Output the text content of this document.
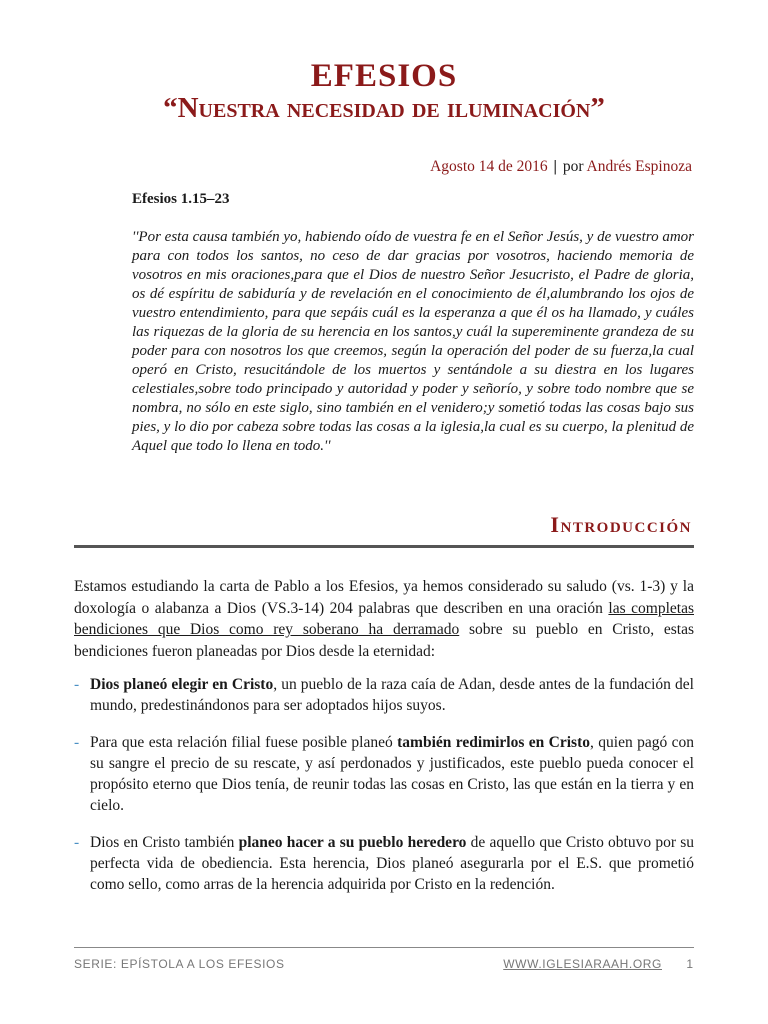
EFESIOS
“Nuestra necesidad de iluminación”
Agosto 14 de 2016 | por Andrés Espinoza
Efesios 1.15–23

''Por esta causa también yo, habiendo oído de vuestra fe en el Señor Jesús, y de vuestro amor para con todos los santos, no ceso de dar gracias por vosotros, haciendo memoria de vosotros en mis oraciones,para que el Dios de nuestro Señor Jesucristo, el Padre de gloria, os dé espíritu de sabiduría y de revelación en el conocimiento de él,alumbrando los ojos de vuestro entendimiento, para que sepáis cuál es la esperanza a que él os ha llamado, y cuáles las riquezas de la gloria de su herencia en los santos,y cuál la supereminente grandeza de su poder para con nosotros los que creemos, según la operación del poder de su fuerza,la cual operó en Cristo, resucitándole de los muertos y sentándole a su diestra en los lugares celestiales,sobre todo principado y autoridad y poder y señorío, y sobre todo nombre que se nombra, no sólo en este siglo, sino también en el venidero;y sometió todas las cosas bajo sus pies, y lo dio por cabeza sobre todas las cosas a la iglesia,la cual es su cuerpo, la plenitud de Aquel que todo lo llena en todo.''

Introducción

Estamos estudiando la carta de Pablo a los Efesios, ya hemos considerado su saludo (vs. 1-3) y la doxología o alabanza a Dios (VS.3-14) 204 palabras que describen en una oración las completas bendiciones que Dios como rey soberano ha derramado sobre su pueblo en Cristo, estas bendiciones fueron planeadas por Dios desde la eternidad:

- Dios planeó elegir en Cristo, un pueblo de la raza caía de Adan, desde antes de la fundación del mundo, predestinándonos para ser adoptados hijos suyos.
- Para que esta relación filial fuese posible planeó también redimirlos en Cristo, quien pagó con su sangre el precio de su rescate, y así perdonados y justificados, este pueblo pueda conocer el propósito eterno que Dios tenía, de reunir todas las cosas en Cristo, las que están en la tierra y en cielo.
- Dios en Cristo también planeo hacer a su pueblo heredero de aquello que Cristo obtuvo por su perfecta vida de obediencia. Esta herencia, Dios planeó asegurarla por el E.S. que prometió como sello, como arras de la herencia adquirida por Cristo en la redención.
SERIE: EPÍSTOLA A LOS EFESIOS	WWW.IGLESIARAAH.ORG 1
